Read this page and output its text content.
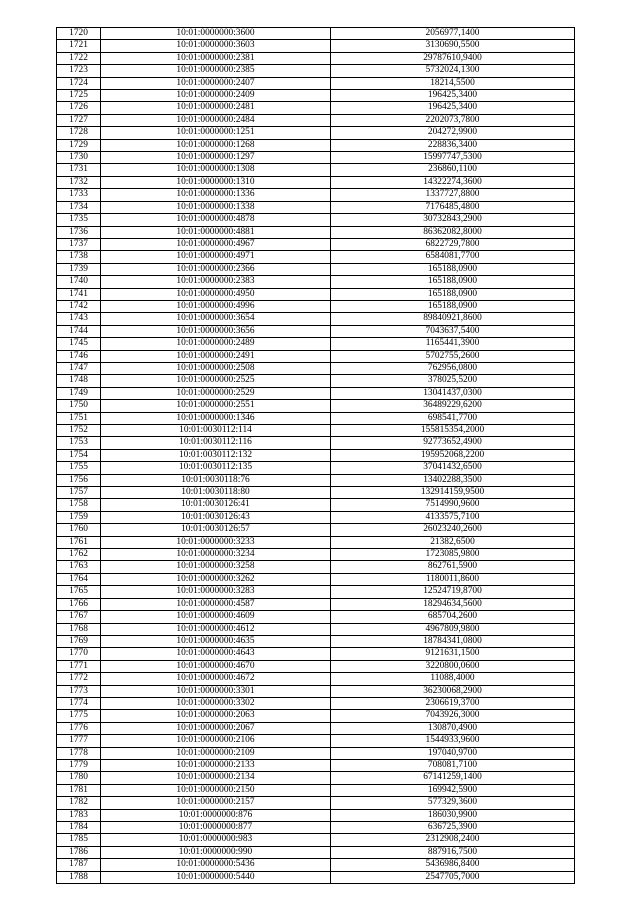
1720	10:01:0000000:3600	2056977,1400
1721	10:01:0000000:3603	3130690,5500
1722	10:01:0000000:2381	29787610,9400
1723	10:01:0000000:2385	5732024,1300
1724	10:01:0000000:2407	18214,5500
1725	10:01:0000000:2409	196425,3400
1726	10:01:0000000:2481	196425,3400
1727	10:01:0000000:2484	2202073,7800
1728	10:01:0000000:1251	204272,9900
1729	10:01:0000000:1268	228836,3400
1730	10:01:0000000:1297	15997747,5300
1731	10:01:0000000:1308	236860,1100
1732	10:01:0000000:1310	14322274,3600
1733	10:01:0000000:1336	1337727,8800
1734	10:01:0000000:1338	7176485,4800
1735	10:01:0000000:4878	30732843,2900
1736	10:01:0000000:4881	86362082,8000
1737	10:01:0000000:4967	6822729,7800
1738	10:01:0000000:4971	6584081,7700
1739	10:01:0000000:2366	165188,0900
1740	10:01:0000000:2383	165188,0900
1741	10:01:0000000:4950	165188,0900
1742	10:01:0000000:4996	165188,0900
1743	10:01:0000000:3654	89840921,8600
1744	10:01:0000000:3656	7043637,5400
1745	10:01:0000000:2489	1165441,3900
1746	10:01:0000000:2491	5702755,2600
1747	10:01:0000000:2508	762956,0800
1748	10:01:0000000:2525	378025,5200
1749	10:01:0000000:2529	13041437,0300
1750	10:01:0000000:2551	36489229,6200
1751	10:01:0000000:1346	698541,7700
1752	10:01:0030112:114	155815354,2000
1753	10:01:0030112:116	92773652,4900
1754	10:01:0030112:132	195952068,2200
1755	10:01:0030112:135	37041432,6500
1756	10:01:0030118:76	13402288,3500
1757	10:01:0030118:80	132914159,9500
1758	10:01:0030126:41	7514990,9600
1759	10:01:0030126:43	4133575,7100
1760	10:01:0030126:57	26023240,2600
1761	10:01:0000000:3233	21382,6500
1762	10:01:0000000:3234	1723085,9800
1763	10:01:0000000:3258	862761,5900
1764	10:01:0000000:3262	1180011,8600
1765	10:01:0000000:3283	12524719,8700
1766	10:01:0000000:4587	18294634,5600
1767	10:01:0000000:4609	685704,2600
1768	10:01:0000000:4612	4967809,9800
1769	10:01:0000000:4635	18784341,0800
1770	10:01:0000000:4643	9121631,1500
1771	10:01:0000000:4670	3220800,0600
1772	10:01:0000000:4672	11088,4000
1773	10:01:0000000:3301	36230068,2900
1774	10:01:0000000:3302	2306619,3700
1775	10:01:0000000:2063	7043926,3000
1776	10:01:0000000:2067	130870,4900
1777	10:01:0000000:2106	1544933,9600
1778	10:01:0000000:2109	197040,9700
1779	10:01:0000000:2133	708081,7100
1780	10:01:0000000:2134	67141259,1400
1781	10:01:0000000:2150	169942,5900
1782	10:01:0000000:2157	577329,3600
1783	10:01:0000000:876	186030,9900
1784	10:01:0000000:877	636725,3900
1785	10:01:0000000:983	2312908,2400
1786	10:01:0000000:990	887916,7500
1787	10:01:0000000:5436	5436986,8400
1788	10:01:0000000:5440	2547705,7000
